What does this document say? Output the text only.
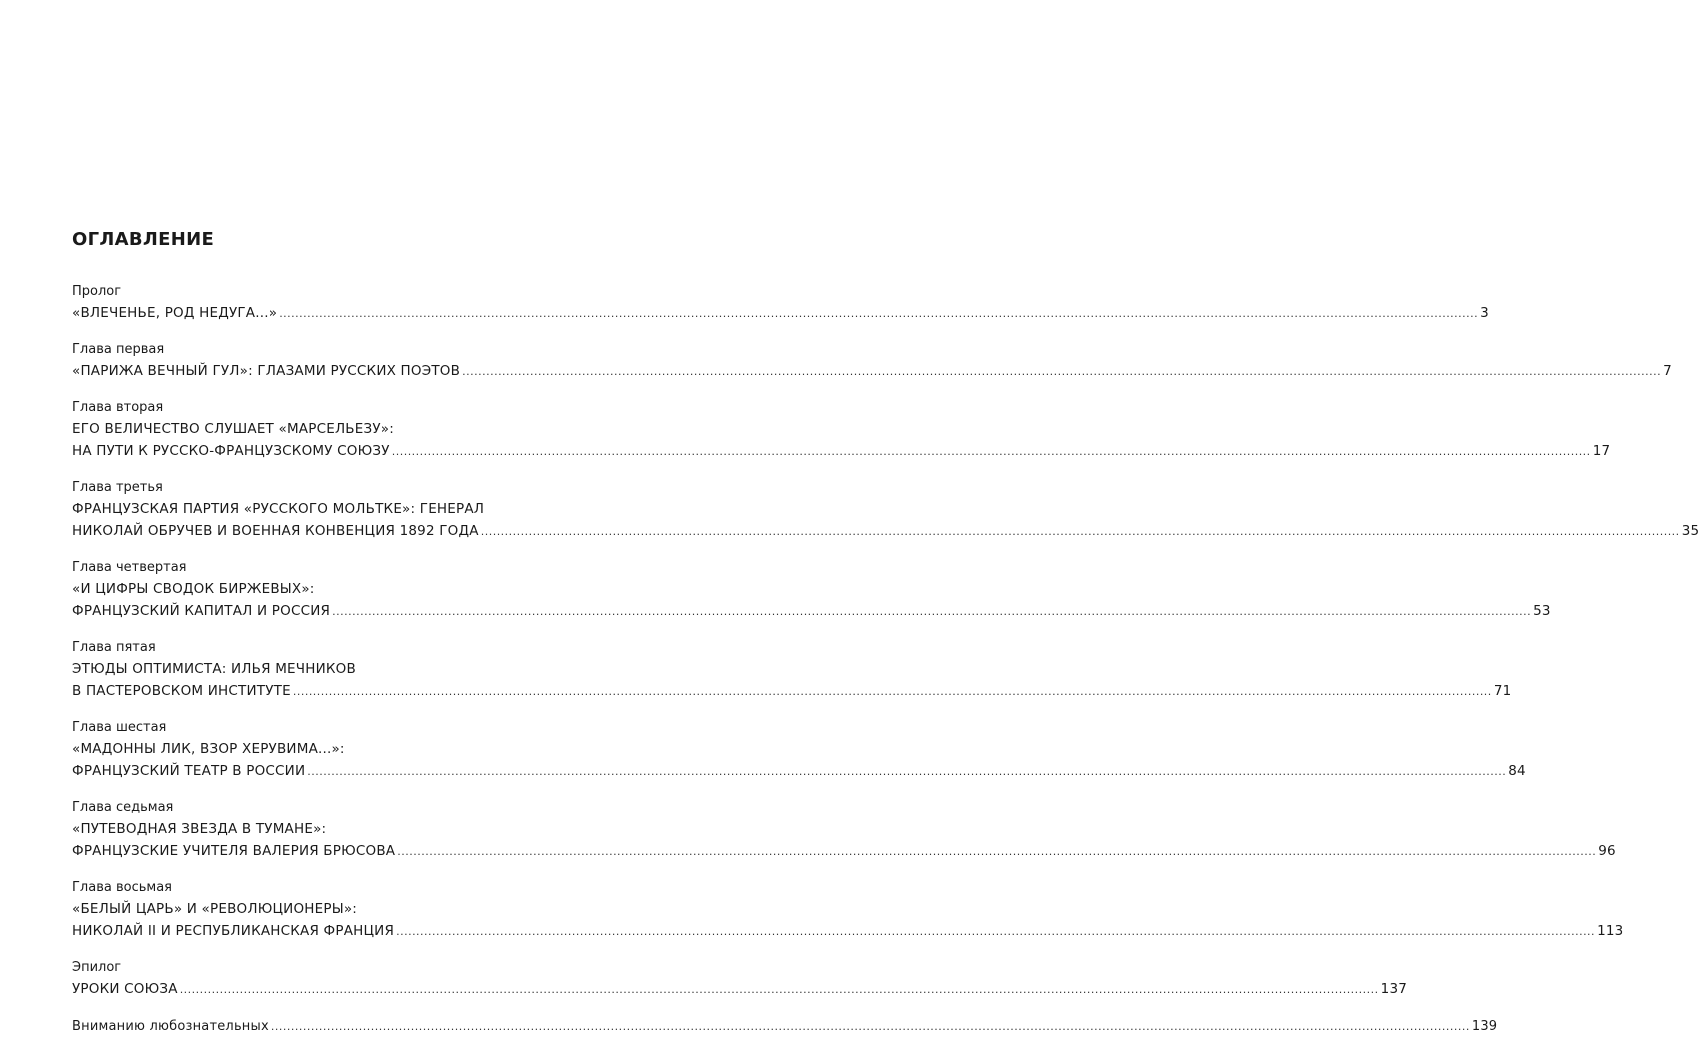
ОГЛАВЛЕНИЕ
Пролог
«ВЛЕЧЕНЬЕ, РОД НЕДУГА...» ............................................................................................................................................................................................................................................................................................................ 3
Глава первая
«ПАРИЖА ВЕЧНЫЙ ГУЛ»: ГЛАЗАМИ РУССКИХ ПОЭТОВ ............................................................................................................................................................................................................................................................................................................ 7
Глава вторая
ЕГО ВЕЛИЧЕСТВО СЛУШАЕТ «МАРСЕЛЬЕЗУ»:
НА ПУТИ К РУССКО-ФРАНЦУЗСКОМУ СОЮЗУ ............................................................................................................................................................................................................................................................................................................ 17
Глава третья
ФРАНЦУЗСКАЯ ПАРТИЯ «РУССКОГО МОЛЬТКЕ»: ГЕНЕРАЛ
НИКОЛАЙ ОБРУЧЕВ И ВОЕННАЯ КОНВЕНЦИЯ 1892 ГОДА ............................................................................................................................................................................................................................................................................................................ 35
Глава четвертая
«И ЦИФРЫ СВОДОК БИРЖЕВЫХ»:
ФРАНЦУЗСКИЙ КАПИТАЛ И РОССИЯ ............................................................................................................................................................................................................................................................................................................ 53
Глава пятая
ЭТЮДЫ ОПТИМИСТА: ИЛЬЯ МЕЧНИКОВ
В ПАСТЕРОВСКОМ ИНСТИТУТЕ ............................................................................................................................................................................................................................................................................................................ 71
Глава шестая
«МАДОННЫ ЛИК, ВЗОР ХЕРУВИМА...»:
ФРАНЦУЗСКИЙ ТЕАТР В РОССИИ ............................................................................................................................................................................................................................................................................................................ 84
Глава седьмая
«ПУТЕВОДНАЯ ЗВЕЗДА В ТУМАНЕ»:
ФРАНЦУЗСКИЕ УЧИТЕЛЯ ВАЛЕРИЯ БРЮСОВА ............................................................................................................................................................................................................................................................................................................ 96
Глава восьмая
«БЕЛЫЙ ЦАРЬ» И «РЕВОЛЮЦИОНЕРЫ»:
НИКОЛАЙ II И РЕСПУБЛИКАНСКАЯ ФРАНЦИЯ ............................................................................................................................................................................................................................................................................................................ 113
Эпилог
УРОКИ СОЮЗА ............................................................................................................................................................................................................................................................................................................ 137
Вниманию любознательных ............................................................................................................................................................................................................................................................................................................ 139
